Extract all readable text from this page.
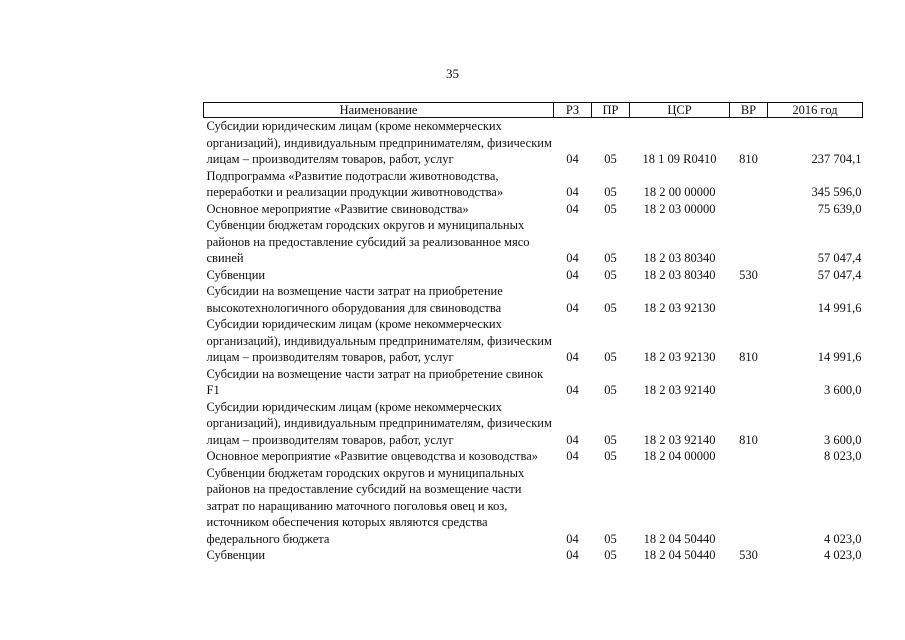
35
Наименование	РЗ	ПР	ЦСР	ВР	2016 год
Субсидии юридическим лицам (кроме некоммерческих организаций), индивидуальным предпринимателям, физическим лицам – производителям товаров, работ, услуг	04	05	18 1 09 R0410	810	237 704,1
Подпрограмма «Развитие подотрасли животноводства, переработки и реализации продукции животноводства»	04	05	18 2 00 00000		345 596,0
Основное мероприятие «Развитие свиноводства»	04	05	18 2 03 00000		75 639,0
Субвенции бюджетам городских округов и муниципальных районов на предоставление субсидий за реализованное мясо свиней	04	05	18 2 03 80340		57 047,4
Субвенции	04	05	18 2 03 80340	530	57 047,4
Субсидии на возмещение части затрат на приобретение высокотехнологичного оборудования для свиноводства	04	05	18 2 03 92130		14 991,6
Субсидии юридическим лицам (кроме некоммерческих организаций), индивидуальным предпринимателям, физическим лицам – производителям товаров, работ, услуг	04	05	18 2 03 92130	810	14 991,6
Субсидии на возмещение части затрат на приобретение свинок F1	04	05	18 2 03 92140		3 600,0
Субсидии юридическим лицам (кроме некоммерческих организаций), индивидуальным предпринимателям, физическим лицам – производителям товаров, работ, услуг	04	05	18 2 03 92140	810	3 600,0
Основное мероприятие «Развитие овцеводства и козоводства»	04	05	18 2 04 00000		8 023,0
Субвенции бюджетам городских округов и муниципальных районов на предоставление субсидий на возмещение части затрат по наращиванию маточного поголовья овец и коз, источником обеспечения которых являются средства федерального бюджета	04	05	18 2 04 50440		4 023,0
Субвенции	04	05	18 2 04 50440	530	4 023,0
